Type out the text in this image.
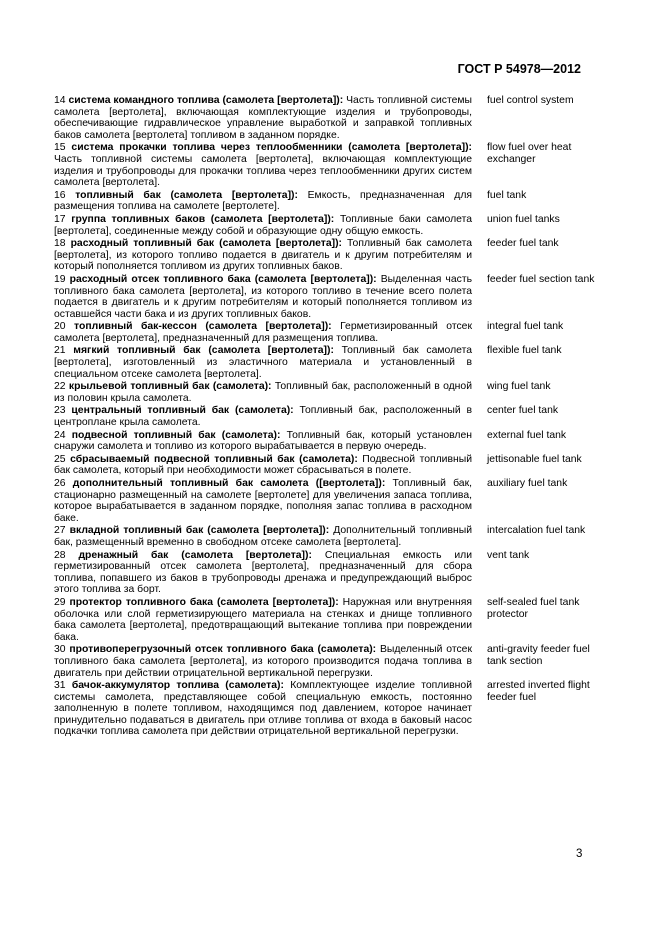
ГОСТ Р 54978—2012
14 система командного топлива (самолета [вертолета]): Часть топливной системы самолета [вертолета], включающая комплектующие изделия и трубопроводы, обеспечивающие гидравлическое управление выработкой и заправкой топливных баков самолета [вертолета] топливом в заданном порядке.
fuel control system
15 система прокачки топлива через теплообменники (самолета [вертолета]): Часть топливной системы самолета [вертолета], включающая комплектующие изделия и трубопроводы для прокачки топлива через теплообменники других систем самолета [вертолета].
flow fuel over heat exchanger
16 топливный бак (самолета [вертолета]): Емкость, предназначенная для размещения топлива на самолете [вертолете].
fuel tank
17 группа топливных баков (самолета [вертолета]): Топливные баки самолета [вертолета], соединенные между собой и образующие одну общую емкость.
union fuel tanks
18 расходный топливный бак (самолета [вертолета]): Топливный бак самолета [вертолета], из которого топливо подается в двигатель и к другим потребителям и который пополняется топливом из других топливных баков.
feeder fuel tank
19 расходный отсек топливного бака (самолета [вертолета]): Выделенная часть топливного бака самолета [вертолета], из которого топливо в течение всего полета подается в двигатель и к другим потребителям и который пополняется топливом из оставшейся части бака и из других топливных баков.
feeder fuel section tank
20 топливный бак-кессон (самолета [вертолета]): Герметизированный отсек самолета [вертолета], предназначенный для размещения топлива.
integral fuel tank
21 мягкий топливный бак (самолета [вертолета]): Топливный бак самолета [вертолета], изготовленный из эластичного материала и установленный в специальном отсеке самолета [вертолета].
flexible fuel tank
22 крыльевой топливный бак (самолета): Топливный бак, расположенный в одной из половин крыла самолета.
wing fuel tank
23 центральный топливный бак (самолета): Топливный бак, расположенный в центроплане крыла самолета.
center fuel tank
24 подвесной топливный бак (самолета): Топливный бак, который установлен снаружи самолета и топливо из которого вырабатывается в первую очередь.
external fuel tank
25 сбрасываемый подвесной топливный бак (самолета): Подвесной топливный бак самолета, который при необходимости может сбрасываться в полете.
jettisonable fuel tank
26 дополнительный топливный бак самолета ([вертолета]): Топливный бак, стационарно размещенный на самолете [вертолете] для увеличения запаса топлива, которое вырабатывается в заданном порядке, пополняя запас топлива в расходном баке.
auxiliary fuel tank
27 вкладной топливный бак (самолета [вертолета]): Дополнительный топливный бак, размещенный временно в свободном отсеке самолета [вертолета].
intercalation fuel tank
28 дренажный бак (самолета [вертолета]): Специальная емкость или герметизированный отсек самолета [вертолета], предназначенный для сбора топлива, попавшего из баков в трубопроводы дренажа и предупреждающий выброс этого топлива за борт.
vent tank
29 протектор топливного бака (самолета [вертолета]): Наружная или внутренняя оболочка или слой герметизирующего материала на стенках и днище топливного бака самолета [вертолета], предотвращающий вытекание топлива при повреждении бака.
self-sealed fuel tank protector
30 противоперегрузочный отсек топливного бака (самолета): Выделенный отсек топливного бака самолета [вертолета], из которого производится подача топлива в двигатель при действии отрицательной вертикальной перегрузки.
anti-gravity feeder fuel tank section
31 бачок-аккумулятор топлива (самолета): Комплектующее изделие топливной системы самолета, представляющее собой специальную емкость, постоянно заполненную в полете топливом, находящимся под давлением, которое начинает принудительно подаваться в двигатель при отливе топлива от входа в баковый насос подкачки топлива самолета при действии отрицательной вертикальной перегрузки.
arrested inverted flight feeder fuel
3
